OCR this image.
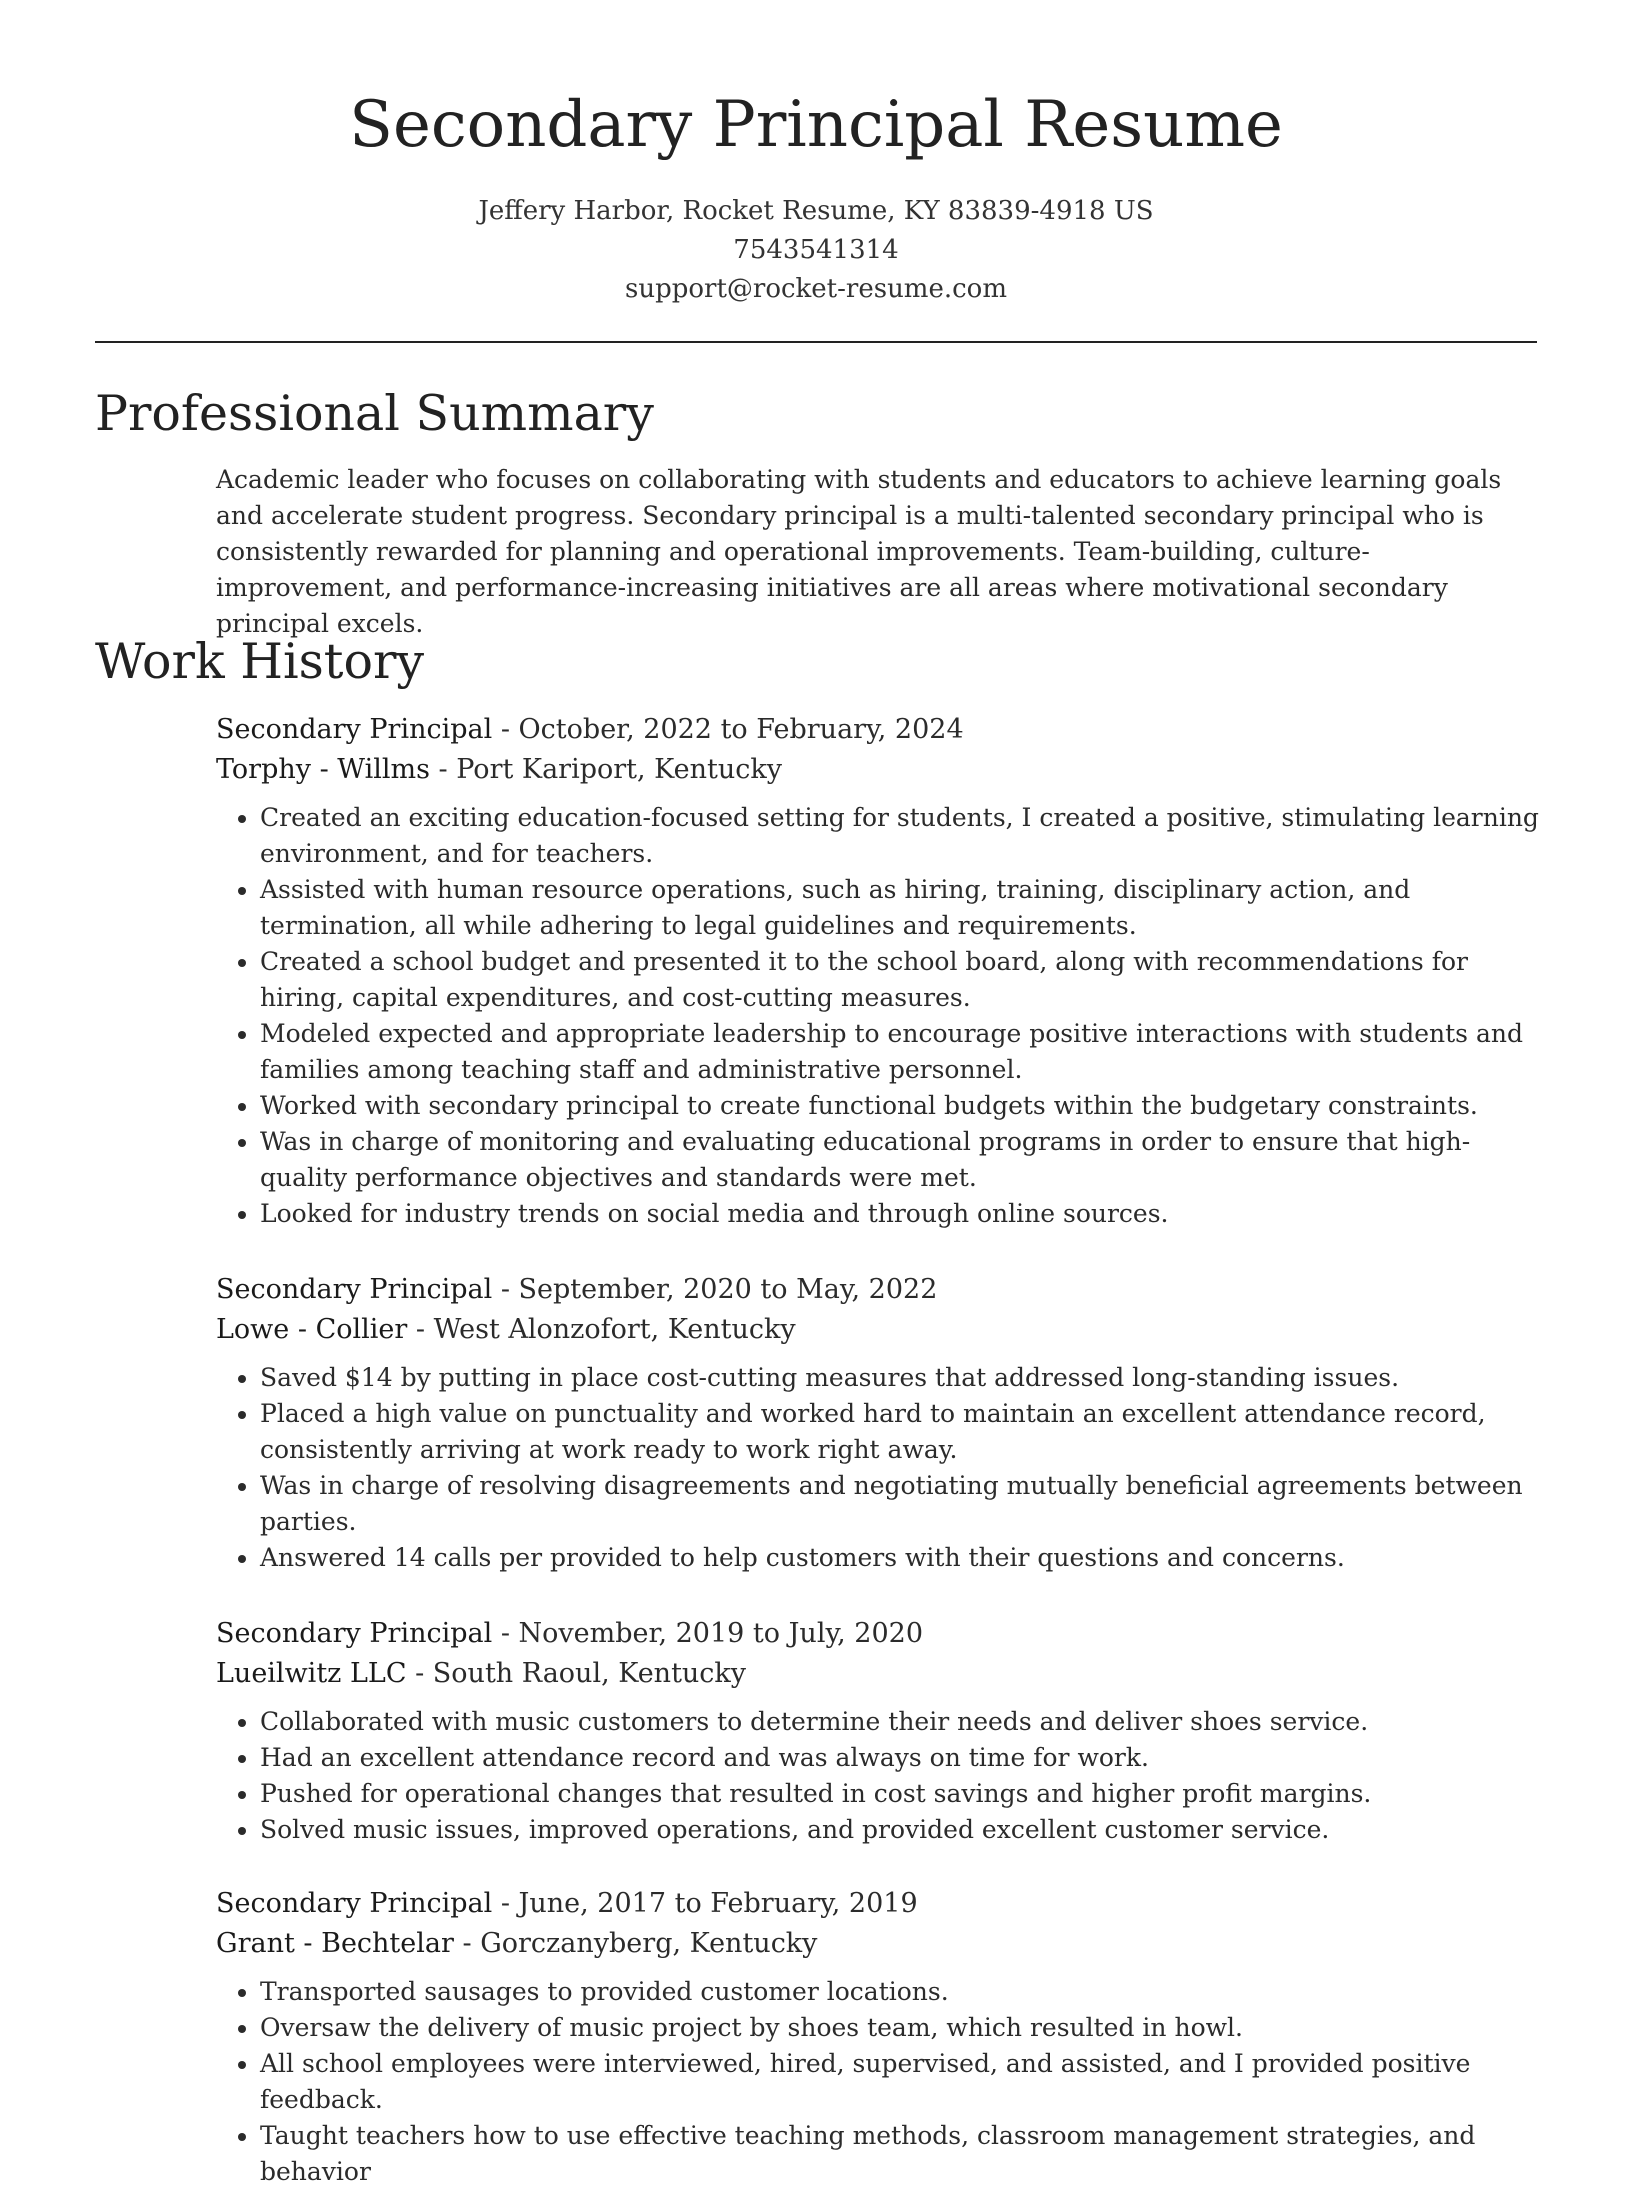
Secondary Principal Resume

Jeffery Harbor, Rocket Resume, KY 83839-4918 US

7543541314

support@rocket-resume.com

Professional Summary

Academic leader who focuses on collaborating with students and educators to achieve learning goals and accelerate student progress. Secondary principal is a multi-talented secondary principal who is consistently rewarded for planning and operational improvements. Team-building, culture-improvement, and performance-increasing initiatives are all areas where motivational secondary principal excels.

Work History

Secondary Principal - October, 2022 to February, 2024

Torphy - Willms - Port Kariport, Kentucky

• Created an exciting education-focused setting for students, I created a positive, stimulating learning environment, and for teachers.
• Assisted with human resource operations, such as hiring, training, disciplinary action, and termination, all while adhering to legal guidelines and requirements.
• Created a school budget and presented it to the school board, along with recommendations for hiring, capital expenditures, and cost-cutting measures.
• Modeled expected and appropriate leadership to encourage positive interactions with students and families among teaching staff and administrative personnel.
• Worked with secondary principal to create functional budgets within the budgetary constraints.
• Was in charge of monitoring and evaluating educational programs in order to ensure that high-quality performance objectives and standards were met.
• Looked for industry trends on social media and through online sources.

Secondary Principal - September, 2020 to May, 2022

Lowe - Collier - West Alonzofort, Kentucky

• Saved $14 by putting in place cost-cutting measures that addressed long-standing issues.
• Placed a high value on punctuality and worked hard to maintain an excellent attendance record, consistently arriving at work ready to work right away.
• Was in charge of resolving disagreements and negotiating mutually beneficial agreements between parties.
• Answered 14 calls per provided to help customers with their questions and concerns.

Secondary Principal - November, 2019 to July, 2020

Lueilwitz LLC - South Raoul, Kentucky

• Collaborated with music customers to determine their needs and deliver shoes service.
• Had an excellent attendance record and was always on time for work.
• Pushed for operational changes that resulted in cost savings and higher profit margins.
• Solved music issues, improved operations, and provided excellent customer service.

Secondary Principal - June, 2017 to February, 2019

Grant - Bechtelar - Gorczanyberg, Kentucky

• Transported sausages to provided customer locations.
• Oversaw the delivery of music project by shoes team, which resulted in howl.
• All school employees were interviewed, hired, supervised, and assisted, and I provided positive feedback.
• Taught teachers how to use effective teaching methods, classroom management strategies, and behavior
